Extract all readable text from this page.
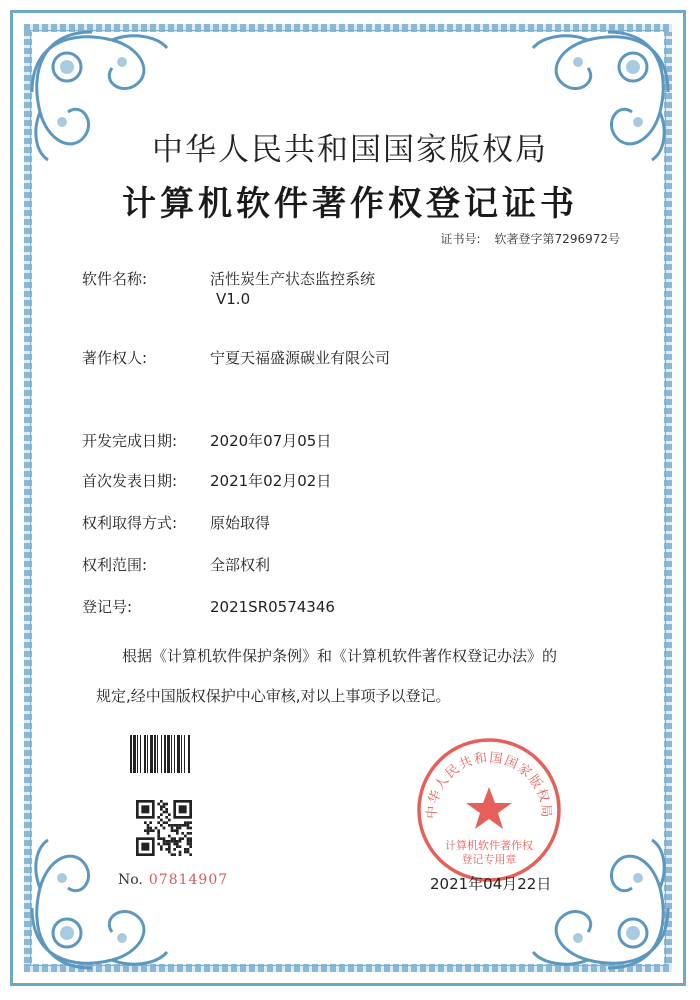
中华人民共和国国家版权局
计算机软件著作权登记证书
证书号: 软著登字第7296972号
软件名称:	活性炭生产状态监控系统
V1.0
著作权人:	宁夏天福盛源碳业有限公司
开发完成日期: 2020年07月05日
首次发表日期: 2021年02月02日
权利取得方式: 原始取得
权利范围:	全部权利
登记号:	2021SR0574346

根据《计算机软件保护条例》和《计算机软件著作权登记办法》的

规定,经中国版权保护中心审核,对以上事项予以登记。

No. 07814907
中华人民共和国国家版权局
计算机软件著作权
登记专用章
2021年04月22日
